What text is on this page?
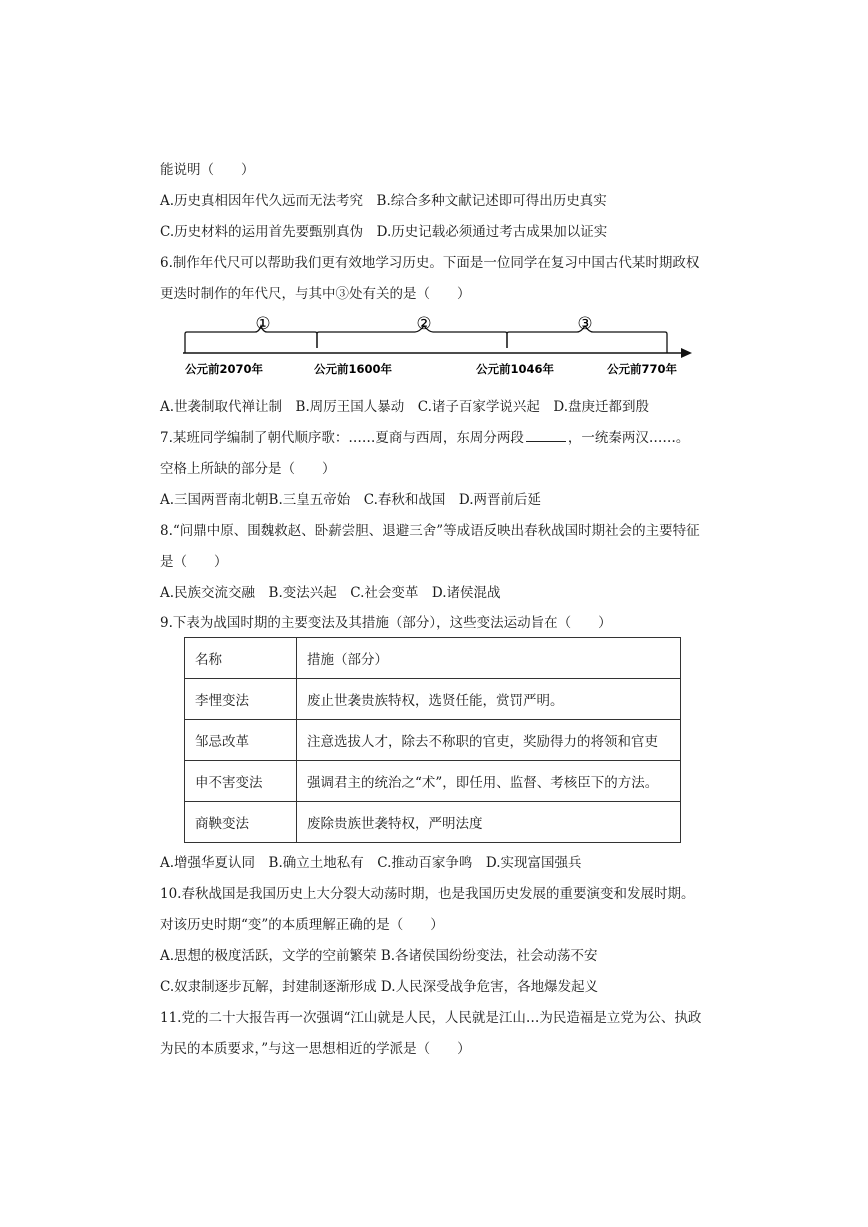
能说明（　　）
A.历史真相因年代久远而无法考究　B.综合多种文献记述即可得出历史真实
C.历史材料的运用首先要甄别真伪　D.历史记载必须通过考古成果加以证实
6.制作年代尺可以帮助我们更有效地学习历史。下面是一位同学在复习中国古代某时期政权
更迭时制作的年代尺，与其中③处有关的是（　　）
①	②	③
公元前2070年	公元前1600年	公元前1046年	公元前770年
A.世袭制取代禅让制　B.周厉王国人暴动　C.诸子百家学说兴起　D.盘庚迁都到殷
7.某班同学编制了朝代顺序歌：……夏商与西周，东周分两段	，一统秦两汉……。
空格上所缺的部分是（　　）
A.三国两晋南北朝B.三皇五帝始　C.春秋和战国　D.两晋前后延
8.“问鼎中原、围魏救赵、卧薪尝胆、退避三舍”等成语反映出春秋战国时期社会的主要特征
是（　　）
A.民族交流交融　B.变法兴起　C.社会变革　D.诸侯混战
9.下表为战国时期的主要变法及其措施（部分），这些变法运动旨在（　　）
名称	措施（部分）
李悝变法	废止世袭贵族特权，选贤任能，赏罚严明。
邹忌改革	注意选拔人才，除去不称职的官吏，奖励得力的将领和官吏
申不害变法	强调君主的统治之“术”，即任用、监督、考核臣下的方法。
商鞅变法	废除贵族世袭特权，严明法度
A.增强华夏认同　B.确立土地私有　C.推动百家争鸣　D.实现富国强兵
10.春秋战国是我国历史上大分裂大动荡时期，也是我国历史发展的重要演变和发展时期。
对该历史时期“变”的本质理解正确的是（　　）
A.思想的极度活跃，文学的空前繁荣 B.各诸侯国纷纷变法，社会动荡不安
C.奴隶制逐步瓦解，封建制逐渐形成 D.人民深受战争危害，各地爆发起义
11.党的二十大报告再一次强调“江山就是人民，人民就是江山…为民造福是立党为公、执政
为民的本质要求，”与这一思想相近的学派是（　　）
